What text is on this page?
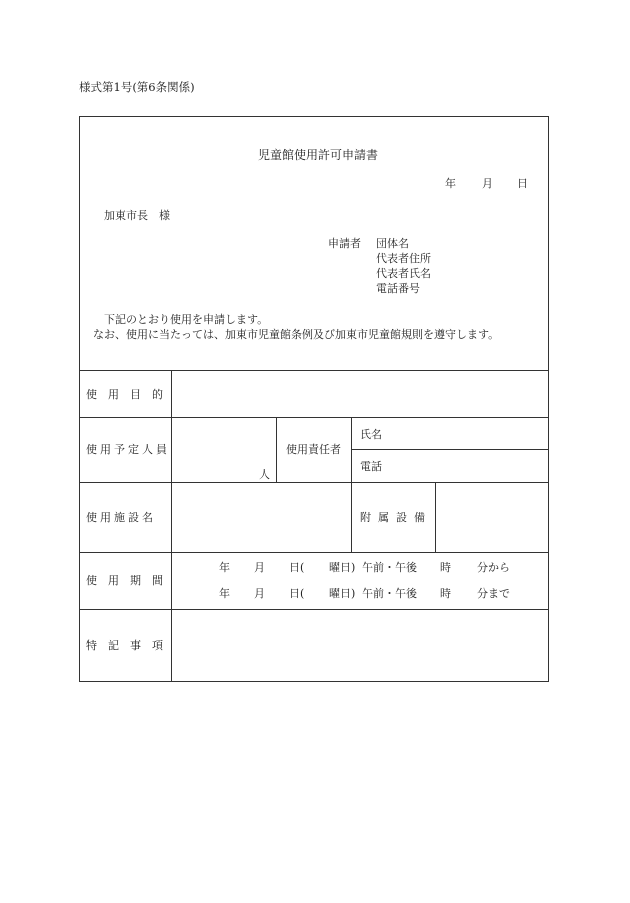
様式第1号(第6条関係)
児童館使用許可申請書
年 月 日
加東市長　様
申請者 団体名
代表者住所
代表者氏名
電話番号
下記のとおり使用を申請します。
なお、使用に当たっては、加東市児童館条例及び加東市児童館規則を遵守します。
使用目的
使用予定人員
人
使用責任者
氏名
電話
使用施設名	附属設備
使用期間
年 月 日( 曜日) 午前・午後 時 分から
年 月 日( 曜日) 午前・午後 時 分まで
特記事項
